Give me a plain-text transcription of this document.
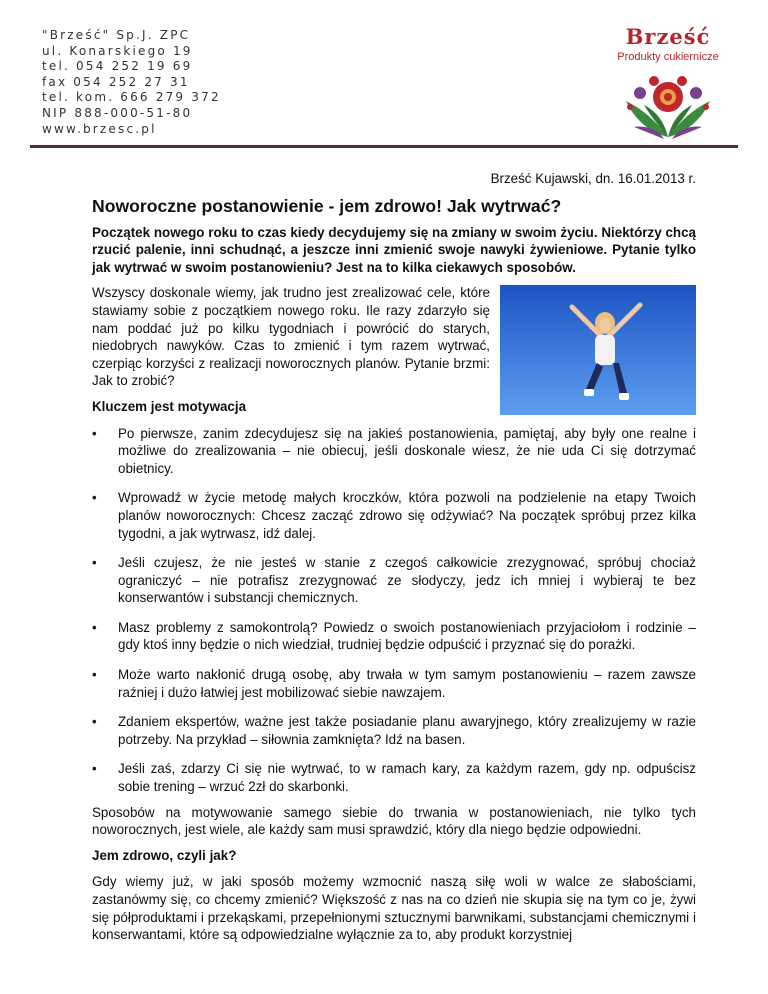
"Brześć" Sp.J. ZPC
ul. Konarskiego 19
tel. 054 252 19 69
fax 054 252 27 31
tel. kom. 666 279 372
NIP 888-000-51-80
www.brzesc.pl
Brześć
Produkty cukiernicze
Brześć Kujawski, dn. 16.01.2013 r.
Noworoczne postanowienie - jem zdrowo! Jak wytrwać?

Początek nowego roku to czas kiedy decydujemy się na zmiany w swoim życiu. Niektórzy chcą rzucić palenie, inni schudnąć, a jeszcze inni zmienić swoje nawyki żywieniowe. Pytanie tylko jak wytrwać w swoim postanowieniu? Jest na to kilka ciekawych sposobów.

Wszyscy doskonale wiemy, jak trudno jest zrealizować cele, które stawiamy sobie z początkiem nowego roku. Ile razy zdarzyło się nam poddać już po kilku tygodniach i powrócić do starych, niedobrych nawyków. Czas to zmienić i tym razem wytrwać, czerpiąc korzyści z realizacji noworocznych planów. Pytanie brzmi: Jak to zrobić?

Kluczem jest motywacja
• Po pierwsze, zanim zdecydujesz się na jakieś postanowienia, pamiętaj, aby były one realne i możliwe do zrealizowania – nie obiecuj, jeśli doskonale wiesz, że nie uda Ci się dotrzymać obietnicy.
• Wprowadź w życie metodę małych kroczków, która pozwoli na podzielenie na etapy Twoich planów noworocznych: Chcesz zacząć zdrowo się odżywiać? Na początek spróbuj przez kilka tygodni, a jak wytrwasz, idź dalej.
• Jeśli czujesz, że nie jesteś w stanie z czegoś całkowicie zrezygnować, spróbuj chociaż ograniczyć – nie potrafisz zrezygnować ze słodyczy, jedz ich mniej i wybieraj te bez konserwantów i substancji chemicznych.
• Masz problemy z samokontrolą? Powiedz o swoich postanowieniach przyjaciołom i rodzinie – gdy ktoś inny będzie o nich wiedział, trudniej będzie odpuścić i przyznać się do porażki.
• Może warto nakłonić drugą osobę, aby trwała w tym samym postanowieniu – razem zawsze raźniej i dużo łatwiej jest mobilizować siebie nawzajem.
• Zdaniem ekspertów, ważne jest także posiadanie planu awaryjnego, który zrealizujemy w razie potrzeby. Na przykład – siłownia zamknięta? Idź na basen.
• Jeśli zaś, zdarzy Ci się nie wytrwać, to w ramach kary, za każdym razem, gdy np. odpuścisz sobie trening – wrzuć 2zł do skarbonki.

Sposobów na motywowanie samego siebie do trwania w postanowieniach, nie tylko tych noworocznych, jest wiele, ale każdy sam musi sprawdzić, który dla niego będzie odpowiedni.

Jem zdrowo, czyli jak?

Gdy wiemy już, w jaki sposób możemy wzmocnić naszą siłę woli w walce ze słabościami, zastanówmy się, co chcemy zmienić? Większość z nas na co dzień nie skupia się na tym co je, żywi się półproduktami i przekąskami, przepełnionymi sztucznymi barwnikami, substancjami chemicznymi i konserwantami, które są odpowiedzialne wyłącznie za to, aby produkt korzystniej
